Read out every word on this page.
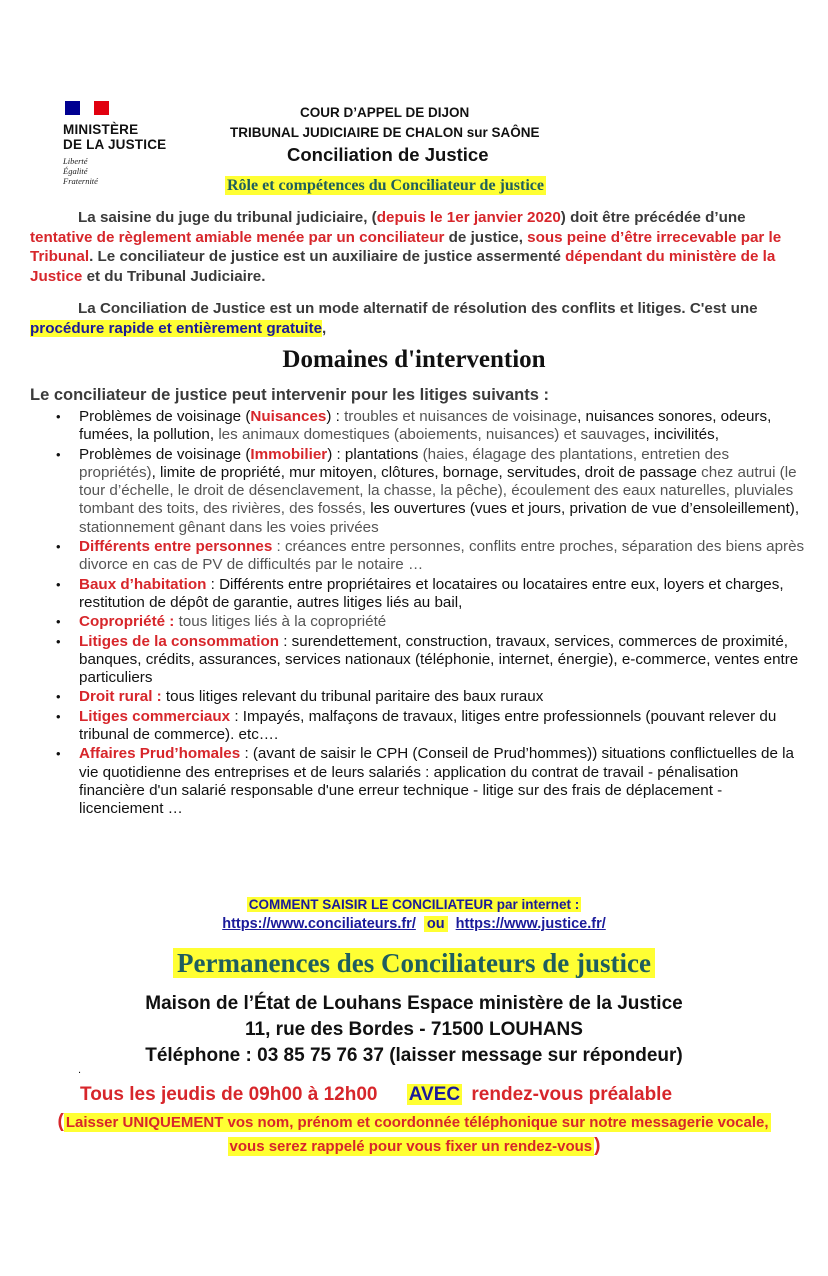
MINISTÈRE
DE LA JUSTICE
Liberté
Égalité
Fraternité
COUR D’APPEL DE DIJON
TRIBUNAL JUDICIAIRE DE CHALON sur SAÔNE
Conciliation de Justice
Rôle et compétences du Conciliateur de justice
La saisine du juge du tribunal judiciaire, (depuis le 1er janvier 2020) doit être précédée d’une tentative de règlement amiable menée par un conciliateur de justice, sous peine d’être irrecevable par le Tribunal. Le conciliateur de justice est un auxiliaire de justice assermenté dépendant du ministère de la Justice et du Tribunal Judiciaire.
La Conciliation de Justice est un mode alternatif de résolution des conflits et litiges. C'est une procédure rapide et entièrement gratuite,
Domaines d'intervention
Le conciliateur de justice peut intervenir pour les litiges suivants :
• Problèmes de voisinage (Nuisances) : troubles et nuisances de voisinage, nuisances sonores, odeurs, fumées, la pollution, les animaux domestiques (aboiements, nuisances) et sauvages, incivilités,
• Problèmes de voisinage (Immobilier) : plantations (haies, élagage des plantations, entretien des propriétés), limite de propriété, mur mitoyen, clôtures, bornage, servitudes, droit de passage chez autrui (le tour d’échelle, le droit de désenclavement, la chasse, la pêche), écoulement des eaux naturelles, pluviales tombant des toits, des rivières, des fossés, les ouvertures (vues et jours, privation de vue d’ensoleillement), stationnement gênant dans les voies privées
• Différents entre personnes : créances entre personnes, conflits entre proches, séparation des biens après divorce en cas de PV de difficultés par le notaire …
• Baux d’habitation : Différents entre propriétaires et locataires ou locataires entre eux, loyers et charges, restitution de dépôt de garantie, autres litiges liés au bail,
• Copropriété : tous litiges liés à la copropriété
• Litiges de la consommation : surendettement, construction, travaux, services, commerces de proximité, banques, crédits, assurances, services nationaux (téléphonie, internet, énergie), e-commerce, ventes entre particuliers
• Droit rural : tous litiges relevant du tribunal paritaire des baux ruraux
• Litiges commerciaux : Impayés, malfaçons de travaux, litiges entre professionnels (pouvant relever du tribunal de commerce). etc….
• Affaires Prud’homales : (avant de saisir le CPH (Conseil de Prud’hommes)) situations conflictuelles de la vie quotidienne des entreprises et de leurs salariés : application du contrat de travail - pénalisation financière d'un salarié responsable d'une erreur technique - litige sur des frais de déplacement - licenciement …
COMMENT SAISIR LE CONCILIATEUR par internet :
https://www.conciliateurs.fr/ ou https://www.justice.fr/
Permanences des Conciliateurs de justice
Maison de l’État de Louhans Espace ministère de la Justice
11, rue des Bordes - 71500 LOUHANS
Téléphone : 03 85 75 76 37 (laisser message sur répondeur)
.
Tous les jeudis de 09h00 à 12h00 AVEC rendez-vous préalable
( Laisser UNIQUEMENT vos nom, prénom et coordonnée téléphonique sur notre messagerie vocale,
vous serez rappelé pour vous fixer un rendez-vous )
